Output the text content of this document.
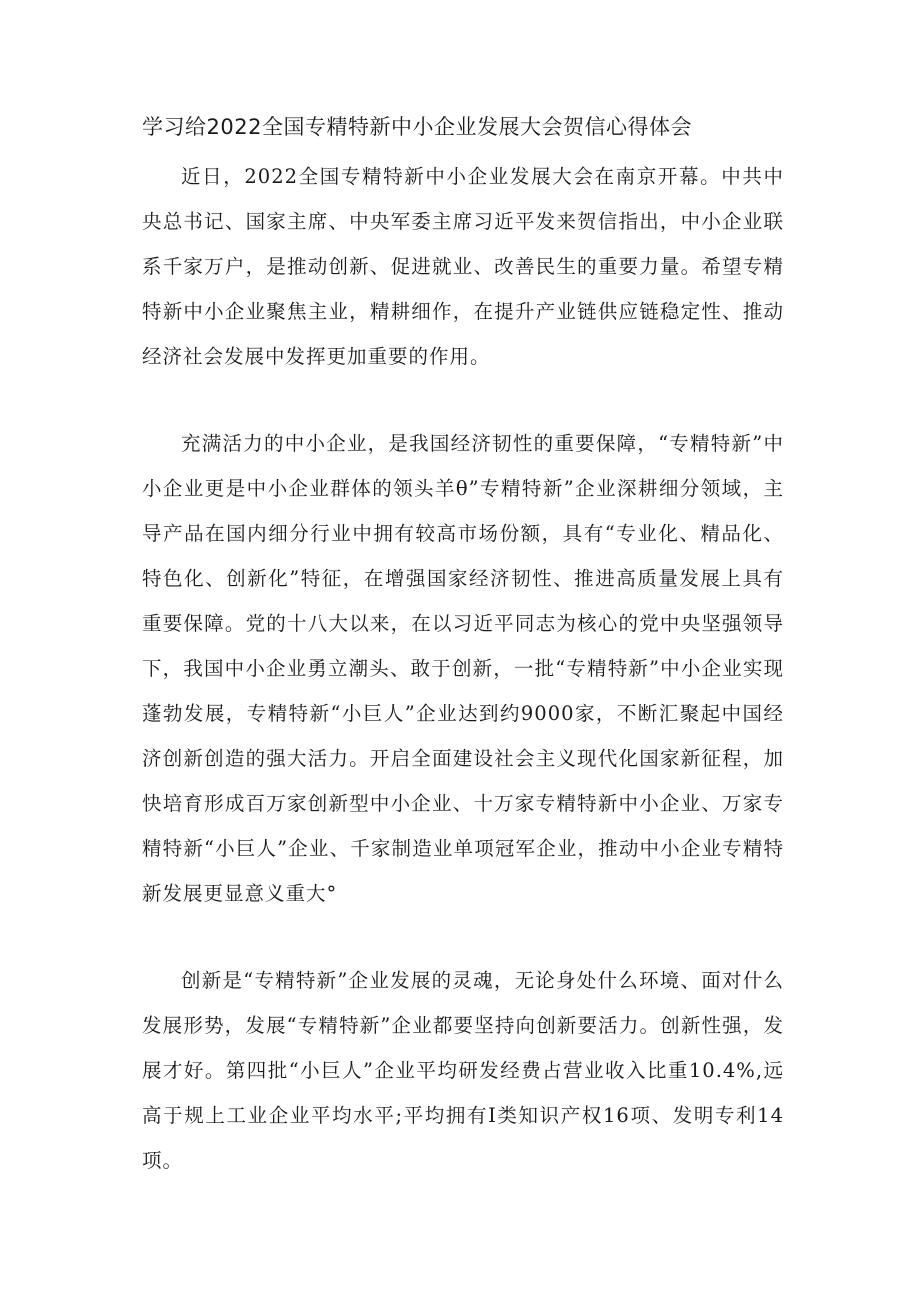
学习给2022全国专精特新中小企业发展大会贺信心得体会

近日，2022全国专精特新中小企业发展大会在南京开幕。中共中央总书记、国家主席、中央军委主席习近平发来贺信指出，中小企业联系千家万户，是推动创新、促进就业、改善民生的重要力量。希望专精特新中小企业聚焦主业，精耕细作，在提升产业链供应链稳定性、推动经济社会发展中发挥更加重要的作用。

充满活力的中小企业，是我国经济韧性的重要保障，“专精特新”中小企业更是中小企业群体的领头羊θ”专精特新”企业深耕细分领域，主导产品在国内细分行业中拥有较高市场份额，具有“专业化、精品化、特色化、创新化”特征，在增强国家经济韧性、推进高质量发展上具有重要保障。党的十八大以来，在以习近平同志为核心的党中央坚强领导下，我国中小企业勇立潮头、敢于创新，一批“专精特新”中小企业实现蓬勃发展，专精特新“小巨人”企业达到约9000家，不断汇聚起中国经济创新创造的强大活力。开启全面建设社会主义现代化国家新征程，加快培育形成百万家创新型中小企业、十万家专精特新中小企业、万家专精特新“小巨人”企业、千家制造业单项冠军企业，推动中小企业专精特新发展更显意义重大°

创新是“专精特新”企业发展的灵魂，无论身处什么环境、面对什么发展形势，发展“专精特新”企业都要坚持向创新要活力。创新性强，发展才好。第四批“小巨人”企业平均研发经费占营业收入比重10.4%,远高于规上工业企业平均水平;平均拥有I类知识产权16项、发明专利14项。
